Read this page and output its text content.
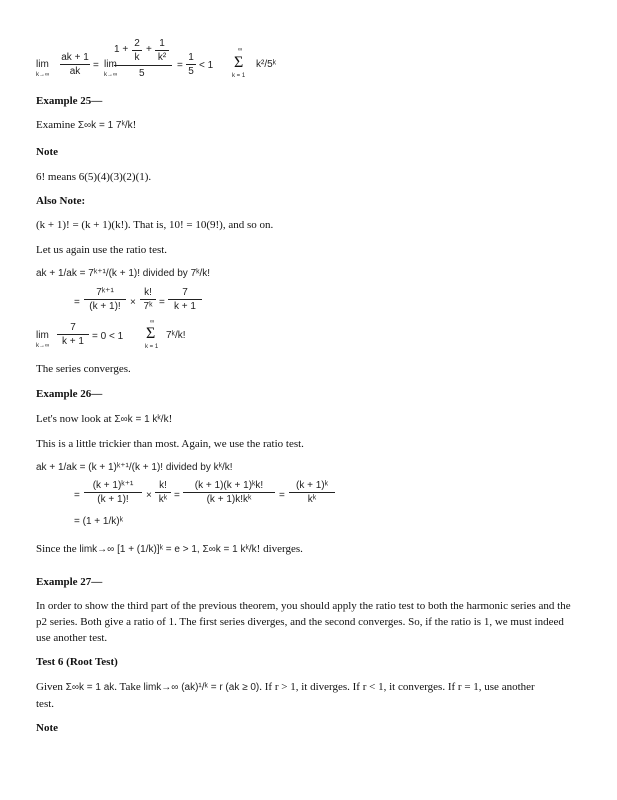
lim
$k\to\infty \frac{ak + 1}{ak} = \lim$
k→∞
$1 + \frac{2}{k} + \frac{1}{\text{k²}}$
5
= $\frac{1}{5} < 1$
∞
Σ
k = 1
k²/5ᵏ
Example 25—
Examine Σ∞k = 1 7ᵏ/k!
Note
6! means 6(5)(4)(3)(2)(1).
Also Note:
(k + 1)! = (k + 1)(k!). That is, 10! = 10(9!), and so on.
Let us again use the ratio test.
ak + 1/ak = 7ᵏ⁺¹/(k + 1)! divided by 7ᵏ/k!
= $\frac{\text{7ᵏ⁺¹}}{(k + 1)!} \times \frac{k!}{\text{7ᵏ}} = \frac{7}{k + 1}$
lim
$k\to\infty \frac{7}{k + 1} = 0 < 1$
∞
Σ
k = 1
7ᵏ/k!
The series converges.
Example 26—
Let's now look at Σ∞k = 1 kᵏ/k!
This is a little trickier than most. Again, we use the ratio test.
ak + 1/ak = (k + 1)ᵏ⁺¹/(k + 1)! divided by kᵏ/k!
= $\frac{\text{(k + 1)ᵏ⁺¹}}{(k + 1)!} \times \frac{k!}{\text{kᵏ}} = \frac{\text{(k + 1)(k + 1)ᵏk!}}{\text{(k + 1)k!kᵏ}} = \frac{\text{(k + 1)ᵏ}}{\text{kᵏ}}$
= (1 + 1/k)ᵏ
Since the limk→∞ [1 + (1/k)]ᵏ = e > 1, Σ∞k = 1 kᵏ/k! diverges.
Example 27—
In order to show the third part of the previous theorem, you should apply the ratio test to both the harmonic series and the p2 series. Both give a ratio of 1. The first series diverges, and the second converges. So, if the ratio is 1, we must indeed use another test.
Test 6 (Root Test)
Given Σ∞k = 1 ak. Take limk→∞ (ak)¹/ᵏ = r (ak ≥ 0). If r > 1, it diverges. If r < 1, it converges. If r = 1, use another
test.
Note
